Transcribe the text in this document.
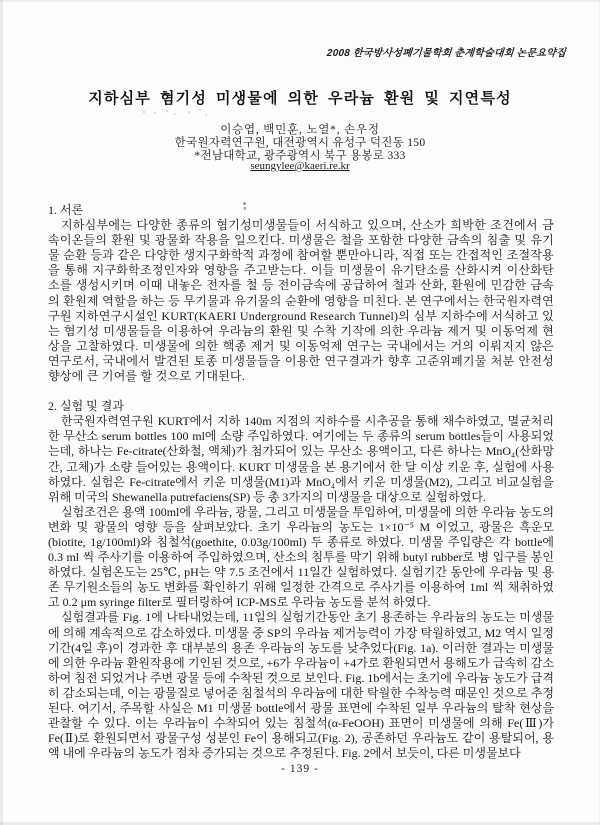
2008 한국방사성폐기물학회 춘계학술대회 논문요약집
지하심부 혐기성 미생물에 의한 우라늄 환원 및 지연특성
이승엽, 백민훈, 노열*, 손우정
한국원자력연구원, 대전광역시 유성구 덕진동 150
*전남대학교, 광주광역시 북구 용봉로 333
seungylee@kaeri.re.kr
1. 서론

지하심부에는 다양한 종류의 혐기성미생물들이 서식하고 있으며, 산소가 희박한 조건에서 금속이온들의 환원 및 광물화 작용을 일으킨다. 미생물은 철을 포함한 다양한 금속의 침출 및 유기물 순환 등과 같은 다양한 생지구화학적 과정에 참여할 뿐만아니라, 직접 또는 간접적인 조절작용을 통해 지구화학조정인자와 영향을 주고받는다. 이들 미생물이 유기탄소를 산화시켜 이산화탄소를 생성시키며 이때 내놓은 전자를 철 등 전이금속에 공급하여 철과 산화, 환원에 민감한 금속의 환원제 역할을 하는 등 무기물과 유기물의 순환에 영향을 미친다. 본 연구에서는 한국원자력연구원 지하연구시설인 KURT(KAERI Underground Research Tunnel)의 심부 지하수에 서식하고 있는 혐기성 미생물들을 이용하여 우라늄의 환원 및 수착 기작에 의한 우라늄 제거 및 이동억제 현상을 고찰하였다. 미생물에 의한 핵종 제거 및 이동억제 연구는 국내에서는 거의 이뤄지지 않은 연구로서, 국내에서 발견된 토종 미생물들을 이용한 연구결과가 향후 고준위폐기물 처분 안전성 향상에 큰 기여를 할 것으로 기대된다.

2. 실험 및 결과

한국원자력연구원 KURT에서 지하 140m 지점의 지하수를 시추공을 통해 채수하였고, 멸균처리한 무산소 serum bottles 100 ml에 소량 주입하였다. 여기에는 두 종류의 serum bottles들이 사용되었는데, 하나는 Fe-citrate(산화철, 액체)가 첨가되어 있는 무산소 용액이고, 다른 하나는 MnO₄(산화망간, 고체)가 소량 들어있는 용액이다. KURT 미생물을 본 용기에서 한 달 이상 키운 후, 실험에 사용하였다. 실험은 Fe-citrate에서 키운 미생물(M1)과 MnO₄에서 키운 미생물(M2), 그리고 비교실험을 위해 미국의 Shewanella putrefaciens(SP) 등 총 3가지의 미생물을 대상으로 실험하였다.

실험조건은 용액 100ml에 우라늄, 광물, 그리고 미생물을 투입하여, 미생물에 의한 우라늄 농도의 변화 및 광물의 영향 등을 살펴보았다. 초기 우라늄의 농도는 1×10⁻⁵ M 이었고, 광물은 흑운모(biotite, 1g/100ml)와 침철석(goethite, 0.03g/100ml) 두 종류로 하였다. 미생물 주입량은 각 bottle에 0.3 ml 씩 주사기를 이용하여 주입하였으며, 산소의 침투를 막기 위해 butyl rubber로 병 입구를 봉인하였다. 실험온도는 25℃, pH는 약 7.5 조건에서 11일간 실험하였다. 실험기간 동안에 우라늄 및 용존 무기원소들의 농도 변화를 확인하기 위해 일정한 간격으로 주사기를 이용하여 1ml 씩 채취하였고 0.2 μm syringe filter로 필터링하여 ICP-MS로 우라늄 농도를 분석 하였다.

실험결과를 Fig. 1에 나타내었는데, 11일의 실험기간동안 초기 용존하는 우라늄의 농도는 미생물에 의해 계속적으로 감소하였다. 미생물 중 SP의 우라늄 제거능력이 가장 탁월하였고, M2 역시 일정 기간(4일 후)이 경과한 후 대부분의 용존 우라늄의 농도를 낮추었다(Fig. 1a). 이러한 결과는 미생물에 의한 우라늄 환원작용에 기인된 것으로, +6가 우라늄이 +4가로 환원되면서 용해도가 급속히 감소하여 침전 되었거나 주변 광물 등에 수착된 것으로 보인다. Fig. 1b에서는 초기에 우라늄 농도가 급격히 감소되는데, 이는 광물질로 넣어준 침철석의 우라늄에 대한 탁월한 수착능력 때문인 것으로 추정된다. 여기서, 주목할 사실은 M1 미생물 bottle에서 광물 표면에 수착된 일부 우라늄의 탈착 현상을 관찰할 수 있다. 이는 우라늄이 수착되어 있는 침철석(α-FeOOH) 표면이 미생물에 의해 Fe(Ⅲ)가 Fe(Ⅱ)로 환원되면서 광물구성 성분인 Fe이 용해되고(Fig. 2), 공존하던 우라늄도 같이 용탈되어, 용액 내에 우라늄의 농도가 점차 증가되는 것으로 추정된다. Fig. 2에서 보듯이, 다른 미생물보다

- 139 -
